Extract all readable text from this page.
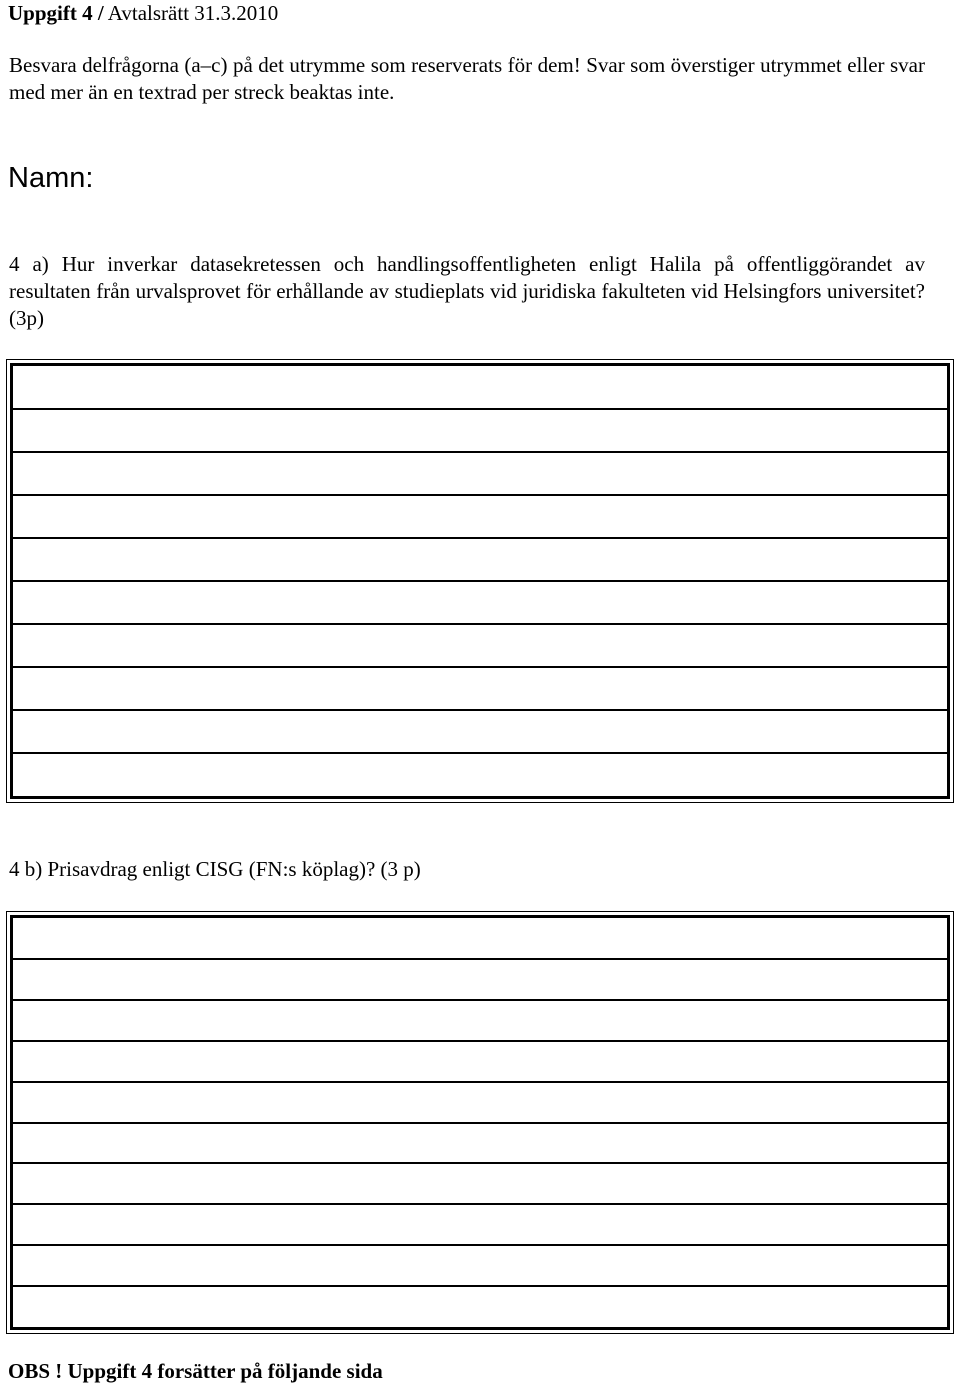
Uppgift 4 / Avtalsrätt 31.3.2010
Besvara delfrågorna (a–c) på det utrymme som reserverats för dem! Svar som överstiger utrymmet eller svar med mer än en textrad per streck beaktas inte.
Namn:
4 a) Hur inverkar datasekretessen och handlingsoffentligheten enligt Halila på offentliggörandet av resultaten från urvalsprovet för erhållande av studieplats vid juridiska fakulteten vid Helsingfors universitet? (3p)
4 b) Prisavdrag enligt CISG (FN:s köplag)? (3 p)
OBS ! Uppgift 4 forsätter på följande sida
